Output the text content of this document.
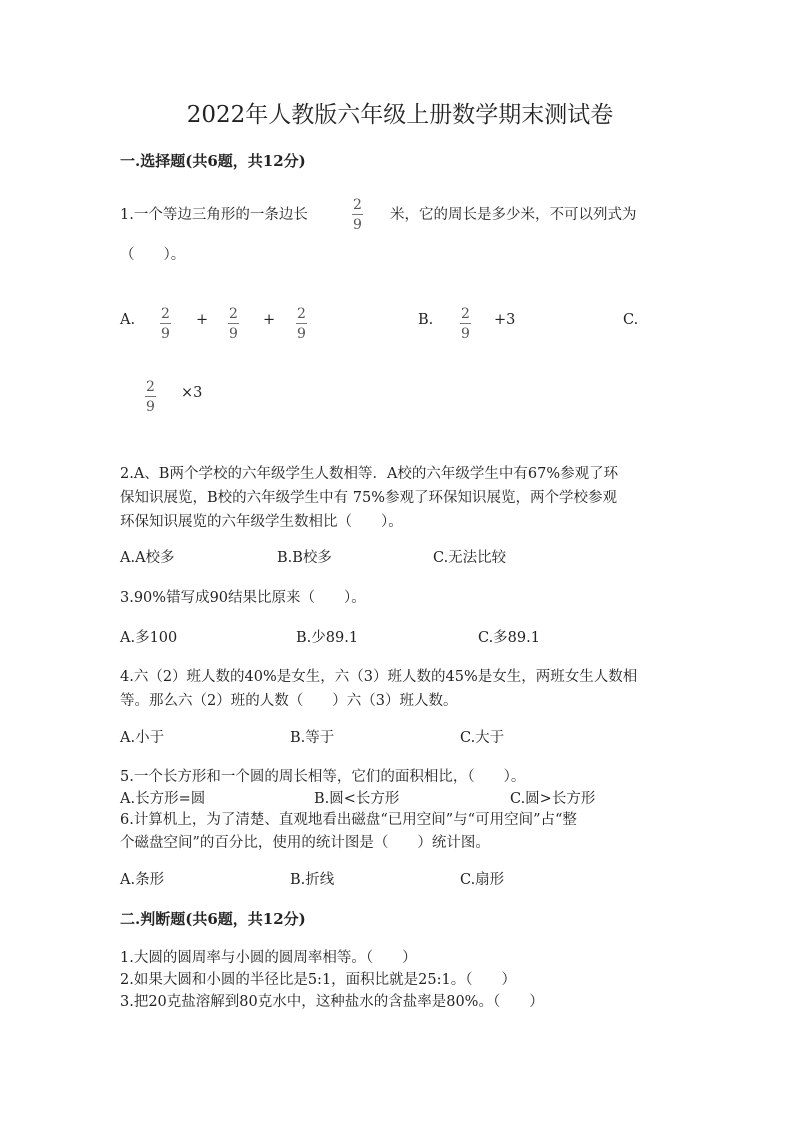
2022年人教版六年级上册数学期末测试卷
一.选择题(共6题，共12分)
1.一个等边三角形的一条边长
2
9
米，它的周长是多少米，不可以列式为
（　　）。
A. 2
9
+ 2
9
+ 2
9
B. 2
9
+3	C.
2
9
×3
2.A、B两个学校的六年级学生人数相等．A校的六年级学生中有67%参观了环
保知识展览，B校的六年级学生中有 75%参观了环保知识展览，两个学校参观
环保知识展览的六年级学生数相比（　　）。
A.A校多	B.B校多	C.无法比较
3.90%错写成90结果比原来（　　）。
A.多100	B.少89.1	C.多89.1
4.六（2）班人数的40%是女生，六（3）班人数的45%是女生，两班女生人数相
等。那么六（2）班的人数（　　）六（3）班人数。
A.小于	B.等于	C.大于
5.一个长方形和一个圆的周长相等，它们的面积相比，（　　）。
A.长方形=圆	B.圆<长方形	C.圆>长方形
6.计算机上，为了清楚、直观地看出磁盘“已用空间”与“可用空间”占“整
个磁盘空间”的百分比，使用的统计图是（　　）统计图。
A.条形	B.折线	C.扇形
二.判断题(共6题，共12分)
1.大圆的圆周率与小圆的圆周率相等。（　　）
2.如果大圆和小圆的半径比是5:1，面积比就是25:1。（　　）
3.把20克盐溶解到80克水中，这种盐水的含盐率是80%。（　　）
